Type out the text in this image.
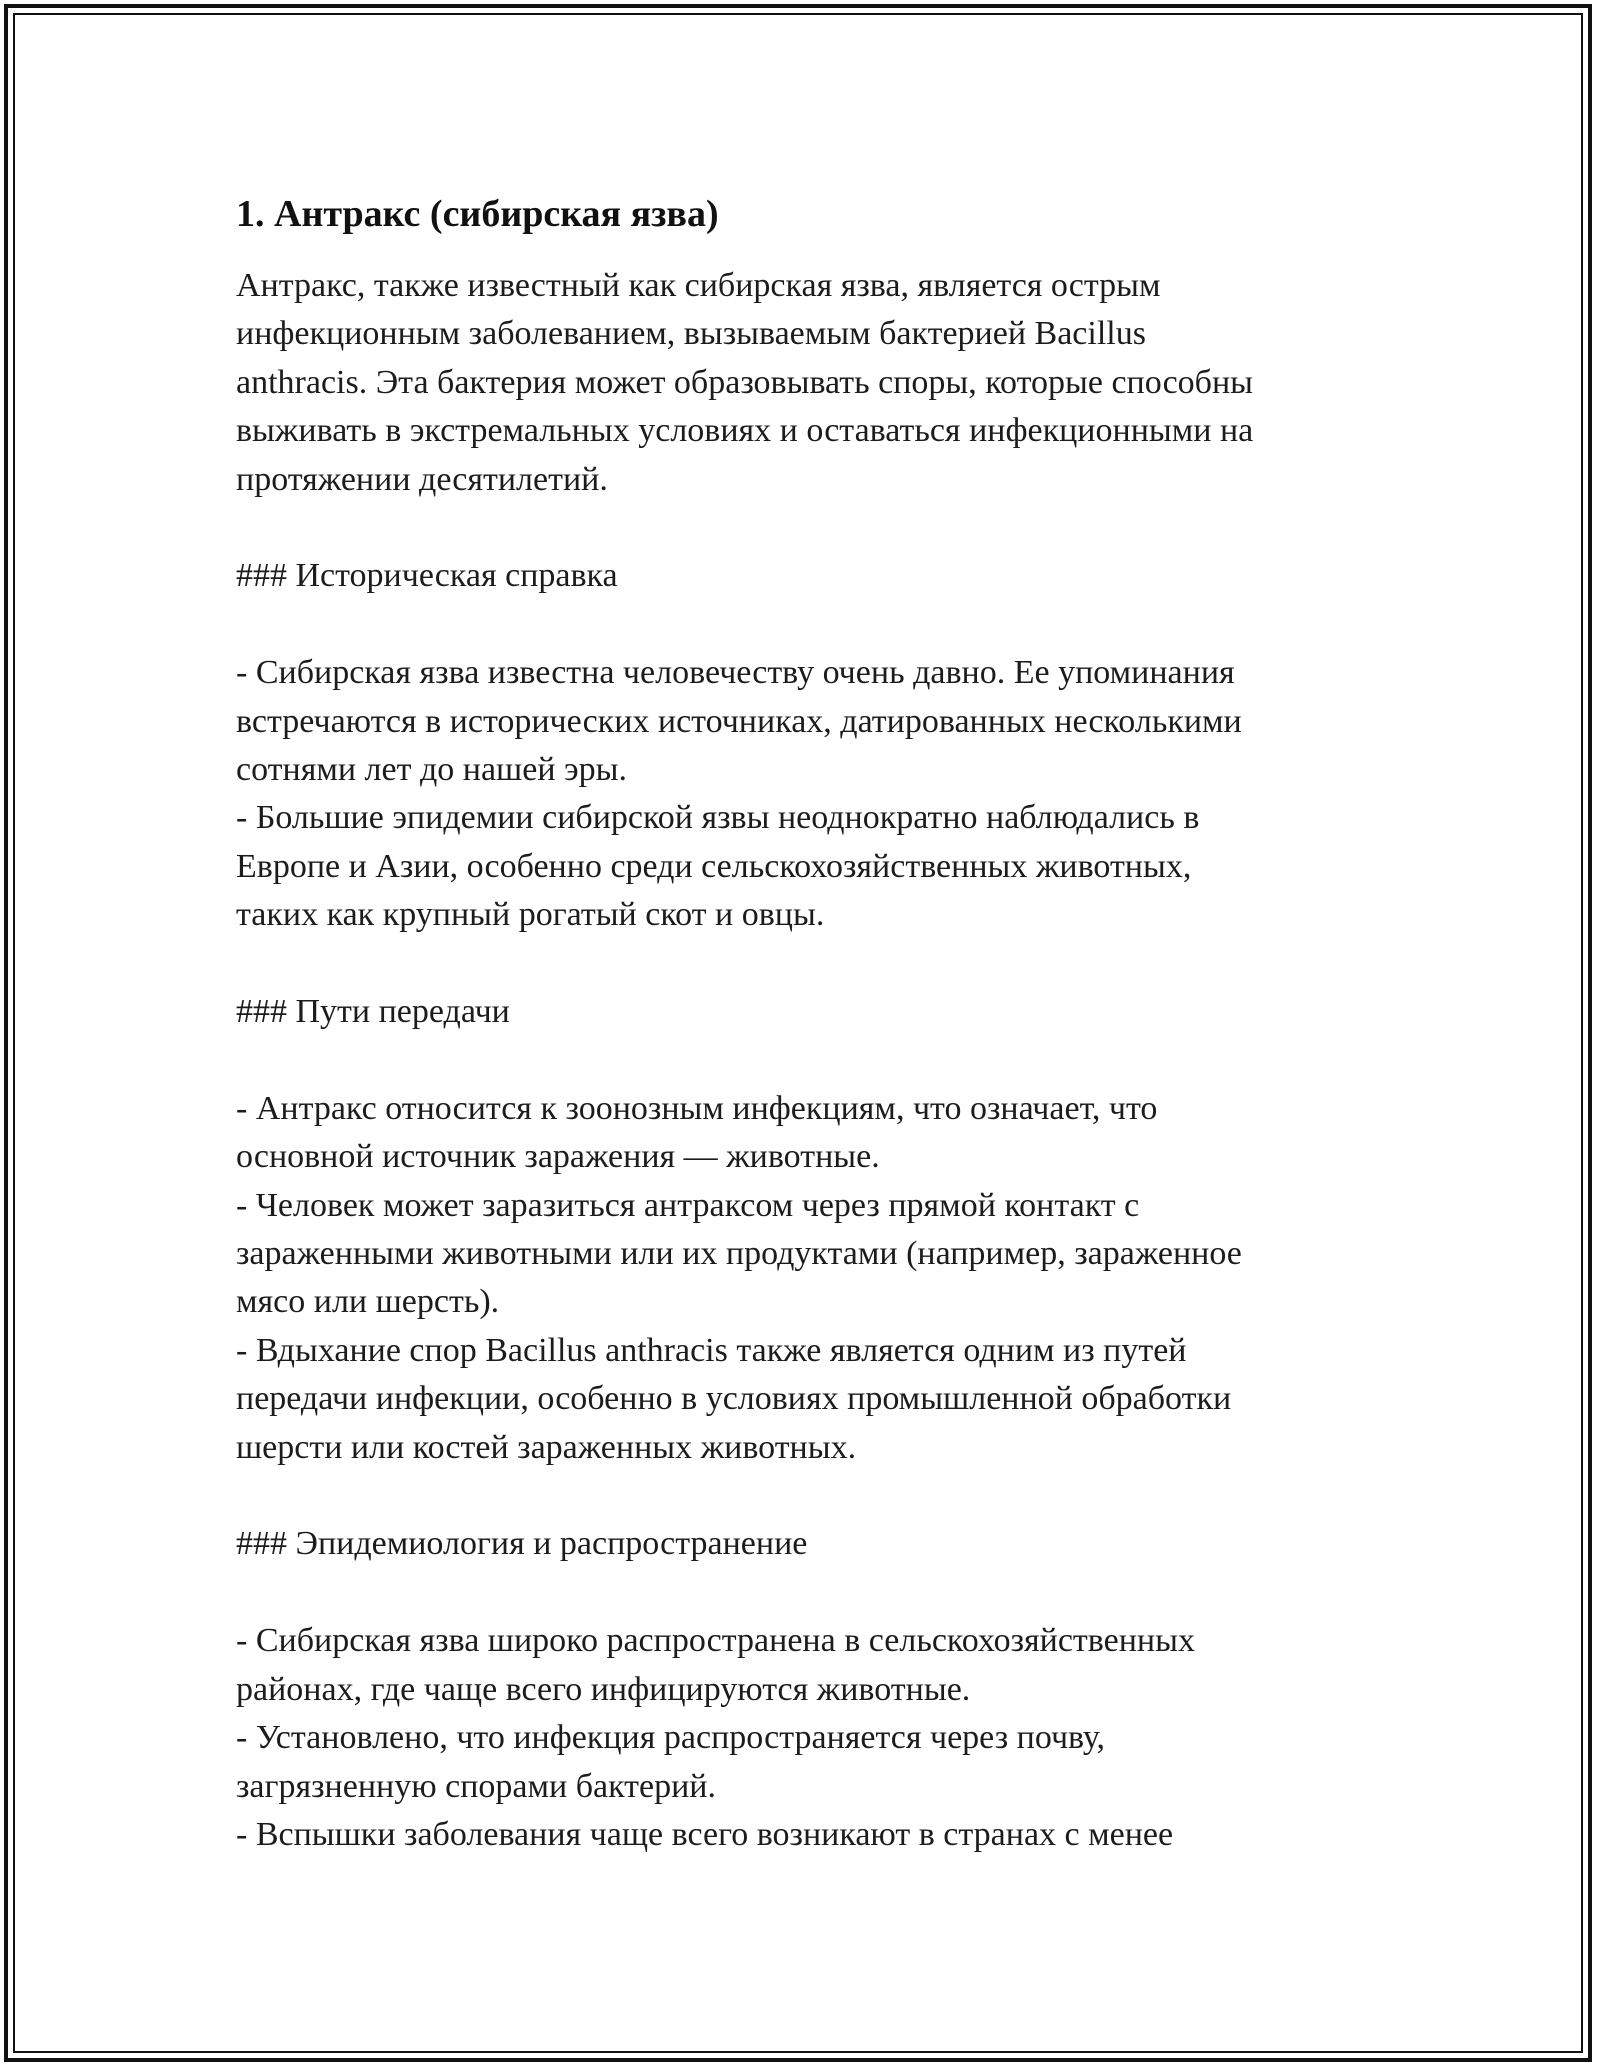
1. Антракс (сибирская язва)

Антракс, также известный как сибирская язва, является острым
инфекционным заболеванием, вызываемым бактерией Bacillus
anthracis. Эта бактерия может образовывать споры, которые способны
выживать в экстремальных условиях и оставаться инфекционными на
протяжении десятилетий.

### Историческая справка

- Сибирская язва известна человечеству очень давно. Ее упоминания
встречаются в исторических источниках, датированных несколькими
сотнями лет до нашей эры.

- Большие эпидемии сибирской язвы неоднократно наблюдались в
Европе и Азии, особенно среди сельскохозяйственных животных,
таких как крупный рогатый скот и овцы.

### Пути передачи

- Антракс относится к зоонозным инфекциям, что означает, что
основной источник заражения — животные.

- Человек может заразиться антраксом через прямой контакт с
зараженными животными или их продуктами (например, зараженное
мясо или шерсть).

- Вдыхание спор Bacillus anthracis также является одним из путей
передачи инфекции, особенно в условиях промышленной обработки
шерсти или костей зараженных животных.

### Эпидемиология и распространение

- Сибирская язва широко распространена в сельскохозяйственных
районах, где чаще всего инфицируются животные.

- Установлено, что инфекция распространяется через почву,
загрязненную спорами бактерий.

- Вспышки заболевания чаще всего возникают в странах с менее
